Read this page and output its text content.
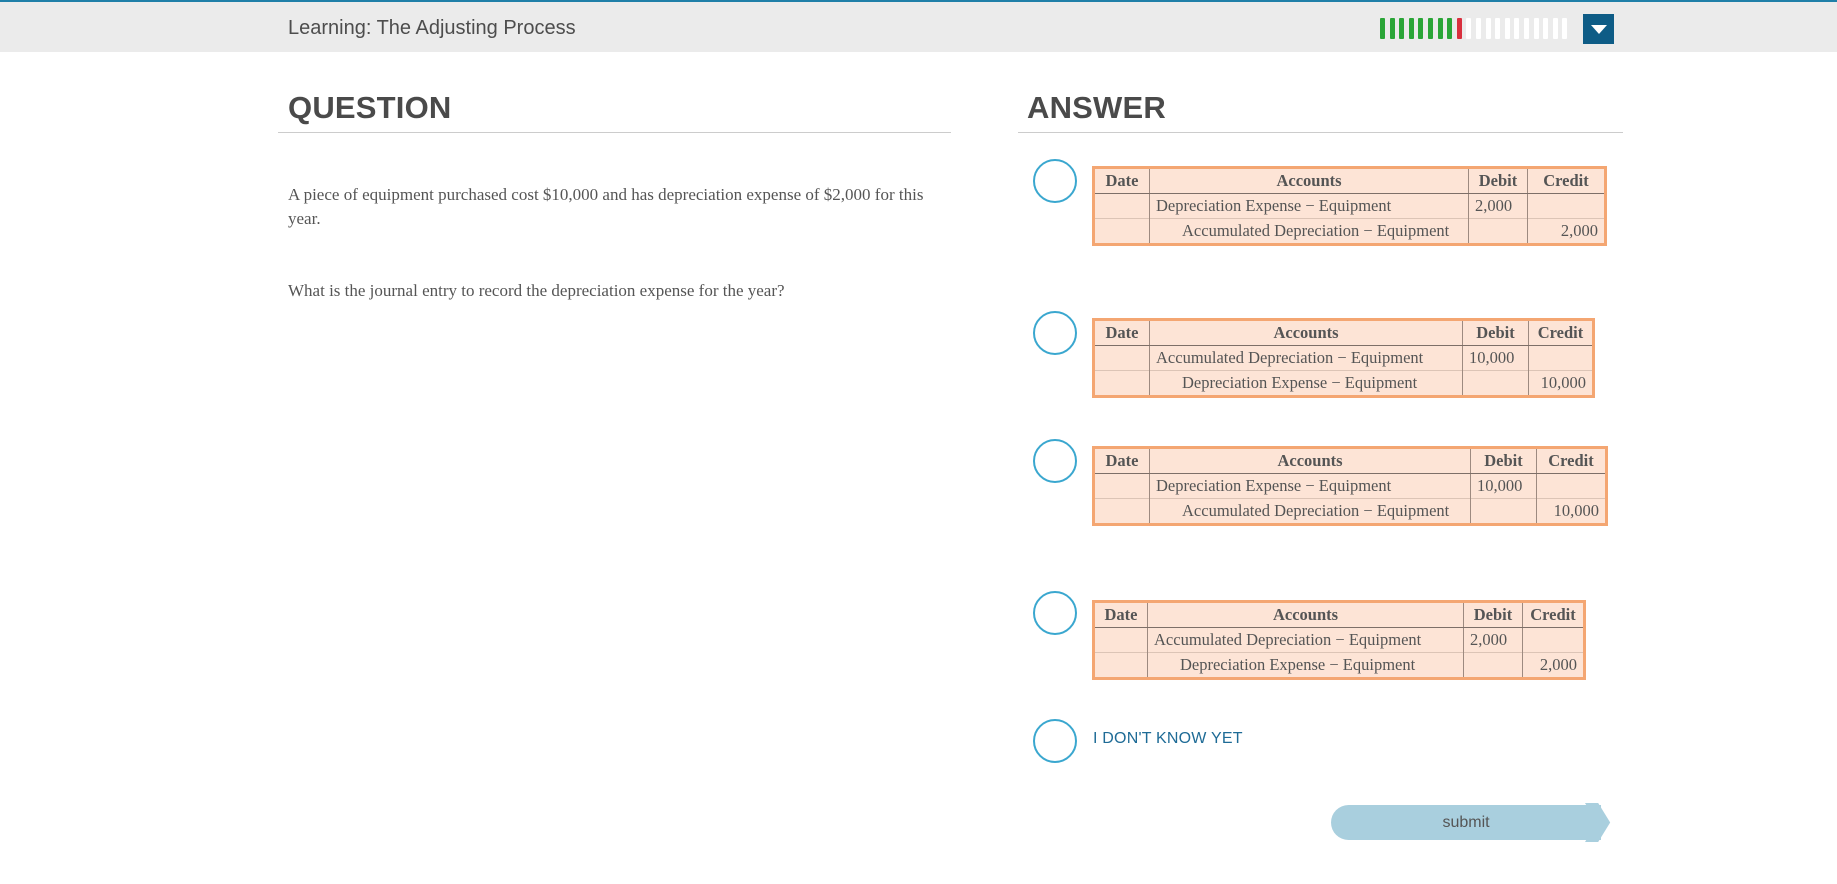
Learning: The Adjusting Process
QUESTION

A piece of equipment purchased cost $10,000 and has depreciation expense of $2,000 for this year.

What is the journal entry to record the depreciation expense for the year?

ANSWER
Date	Accounts	Debit	Credit
	Depreciation Expense − Equipment	2,000	
	Accumulated Depreciation − Equipment		2,000
Date	Accounts	Debit	Credit
	Accumulated Depreciation − Equipment	10,000	
	Depreciation Expense − Equipment		10,000
Date	Accounts	Debit	Credit
	Depreciation Expense − Equipment	10,000	
	Accumulated Depreciation − Equipment		10,000
Date	Accounts	Debit	Credit
	Accumulated Depreciation − Equipment	2,000	
	Depreciation Expense − Equipment		2,000
I DON'T KNOW YET
submit
